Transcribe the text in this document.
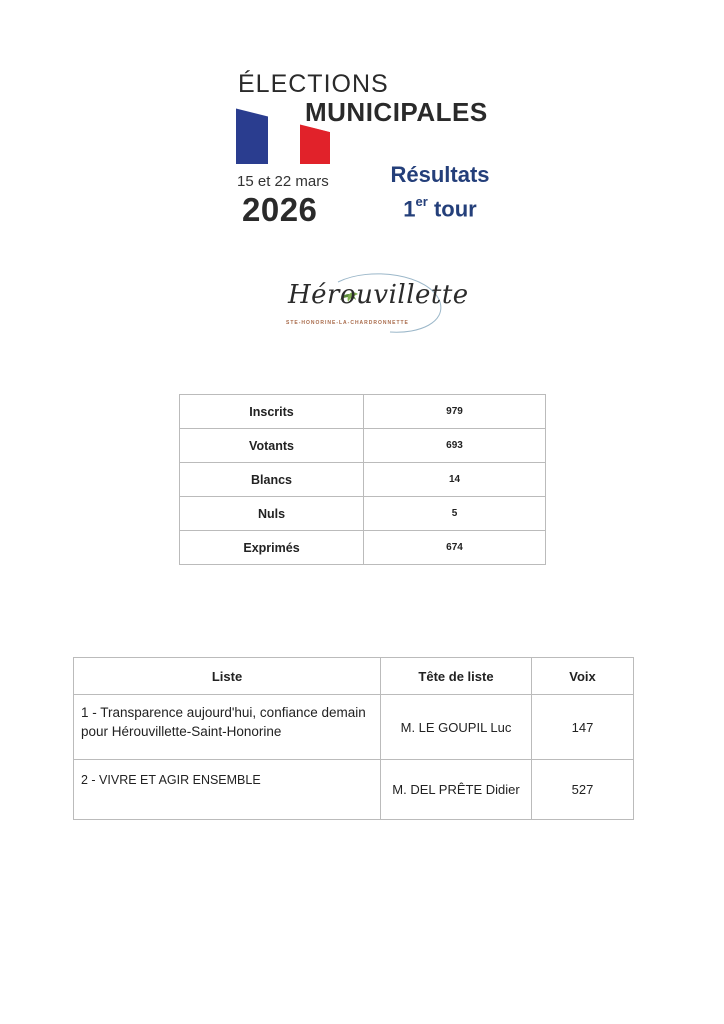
ÉLECTIONS
MUNICIPALES
15 et 22 mars
2026
Résultats
1er tour
Hérouvillette
STE-HONORINE-LA-CHARDRONNETTE
Inscrits	979
Votants	693
Blancs	14
Nuls	5
Exprimés	674
Liste	Tête de liste	Voix
1 - Transparence aujourd'hui, confiance demain pour Hérouvillette-Saint-Honorine	M. LE GOUPIL Luc	147
2 - VIVRE ET AGIR ENSEMBLE	M. DEL PRÊTE Didier	527
